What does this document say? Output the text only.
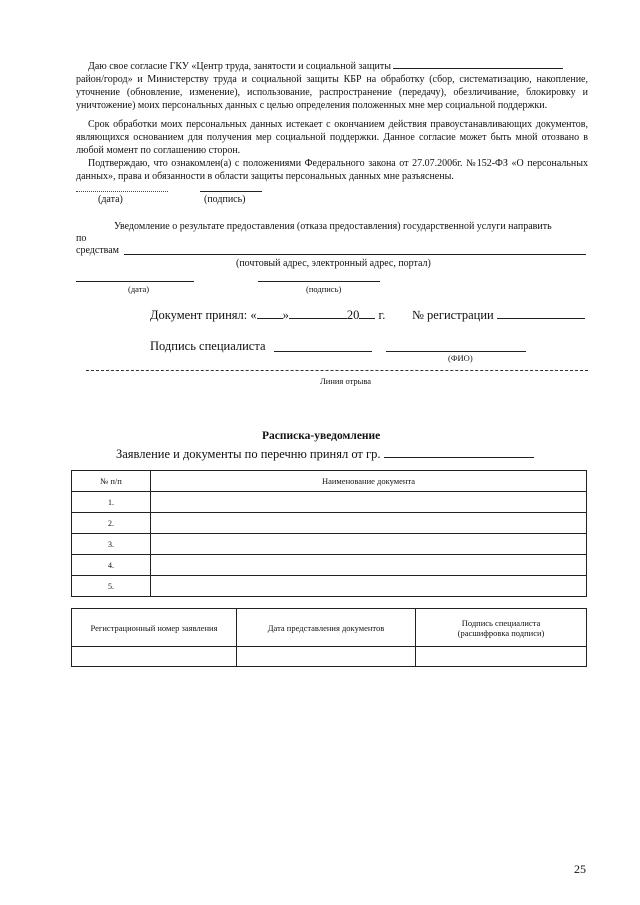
Даю свое согласие ГКУ «Центр труда, занятости и социальной защиты
район/город» и Министерству труда и социальной защиты КБР на обработку (сбор, систематизацию, накопление, уточнение (обновление, изменение), использование, распространение (передачу), обезличивание, блокировку и уничтожение) моих персональных данных с целью определения положенных мне мер социальной поддержки.
Срок обработки моих персональных данных истекает с окончанием действия правоустанавливающих документов, являющихся основанием для получения мер социальной поддержки. Данное согласие может быть мной отозвано в любой момент по соглашению сторон.
Подтверждаю, что ознакомлен(а) с положениями Федерального закона от 27.07.2006г. №152-ФЗ «О персональных данных», права и обязанности в области защиты персональных данных мне разъяснены.
(дата)	(подпись)
Уведомление о результате предоставления (отказа предоставления) государственной услуги направить
по
средствам
(почтовый адрес, электронный адрес, портал)
(дата)	(подпись)
Документ принял: « »	20 г. № регистрации
Подпись специалиста
(ФИО)
Линия отрыва
Расписка-уведомление
Заявление и документы по перечню принял от гр.
№ п/п	Наименование документа
1.	
2.	
3.	
4.	
5.	
Регистрационный номер заявления	Дата представления документов	Подпись специалиста (расшифровка подписи)

25
